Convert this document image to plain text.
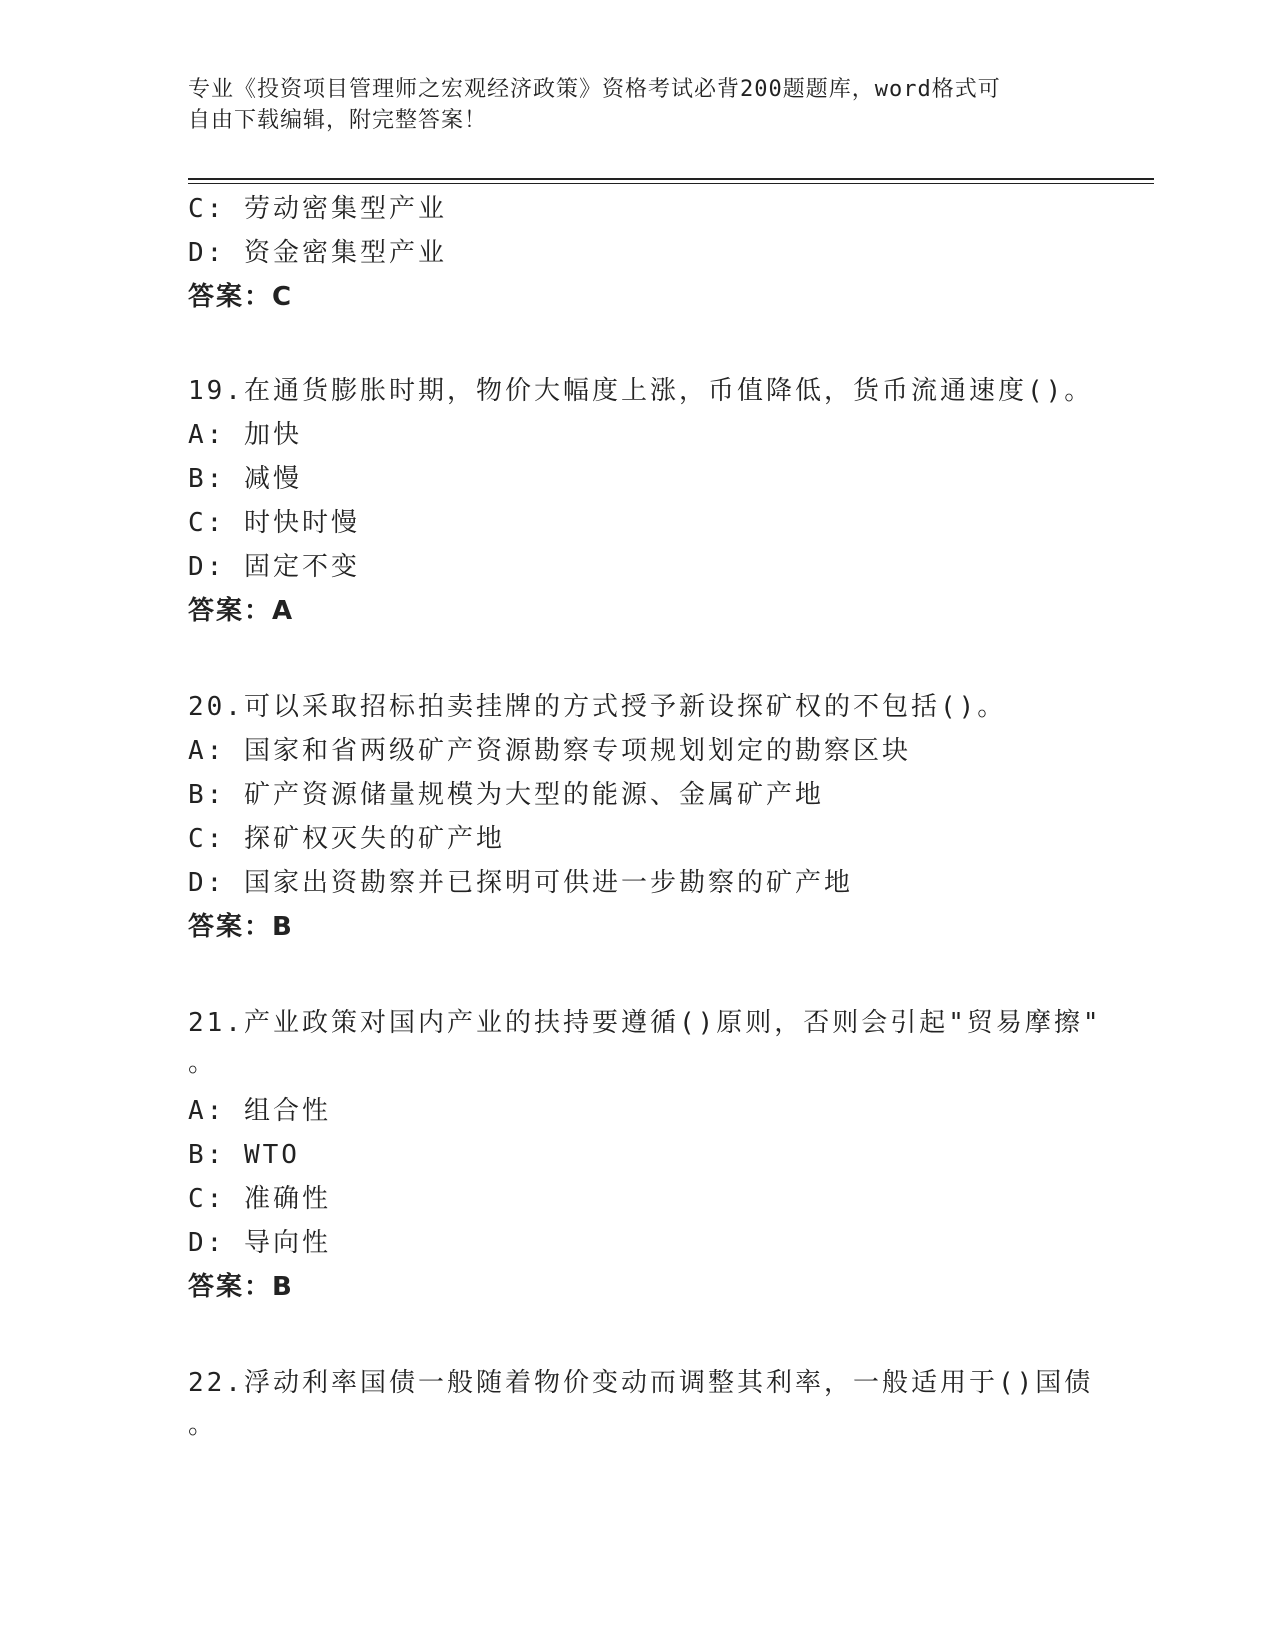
专业《投资项目管理师之宏观经济政策》资格考试必背200题题库，word格式可
自由下载编辑，附完整答案！
C: 劳动密集型产业
D: 资金密集型产业
答案：C
19.在通货膨胀时期，物价大幅度上涨，币值降低，货币流通速度()。
A: 加快
B: 减慢
C: 时快时慢
D: 固定不变
答案：A
20.可以采取招标拍卖挂牌的方式授予新设探矿权的不包括()。
A: 国家和省两级矿产资源勘察专项规划划定的勘察区块
B: 矿产资源储量规模为大型的能源、金属矿产地
C: 探矿权灭失的矿产地
D: 国家出资勘察并已探明可供进一步勘察的矿产地
答案：B
21.产业政策对国内产业的扶持要遵循()原则，否则会引起"贸易摩擦"
。
A: 组合性
B: WTO
C: 准确性
D: 导向性
答案：B
22.浮动利率国债一般随着物价变动而调整其利率，一般适用于()国债
。
